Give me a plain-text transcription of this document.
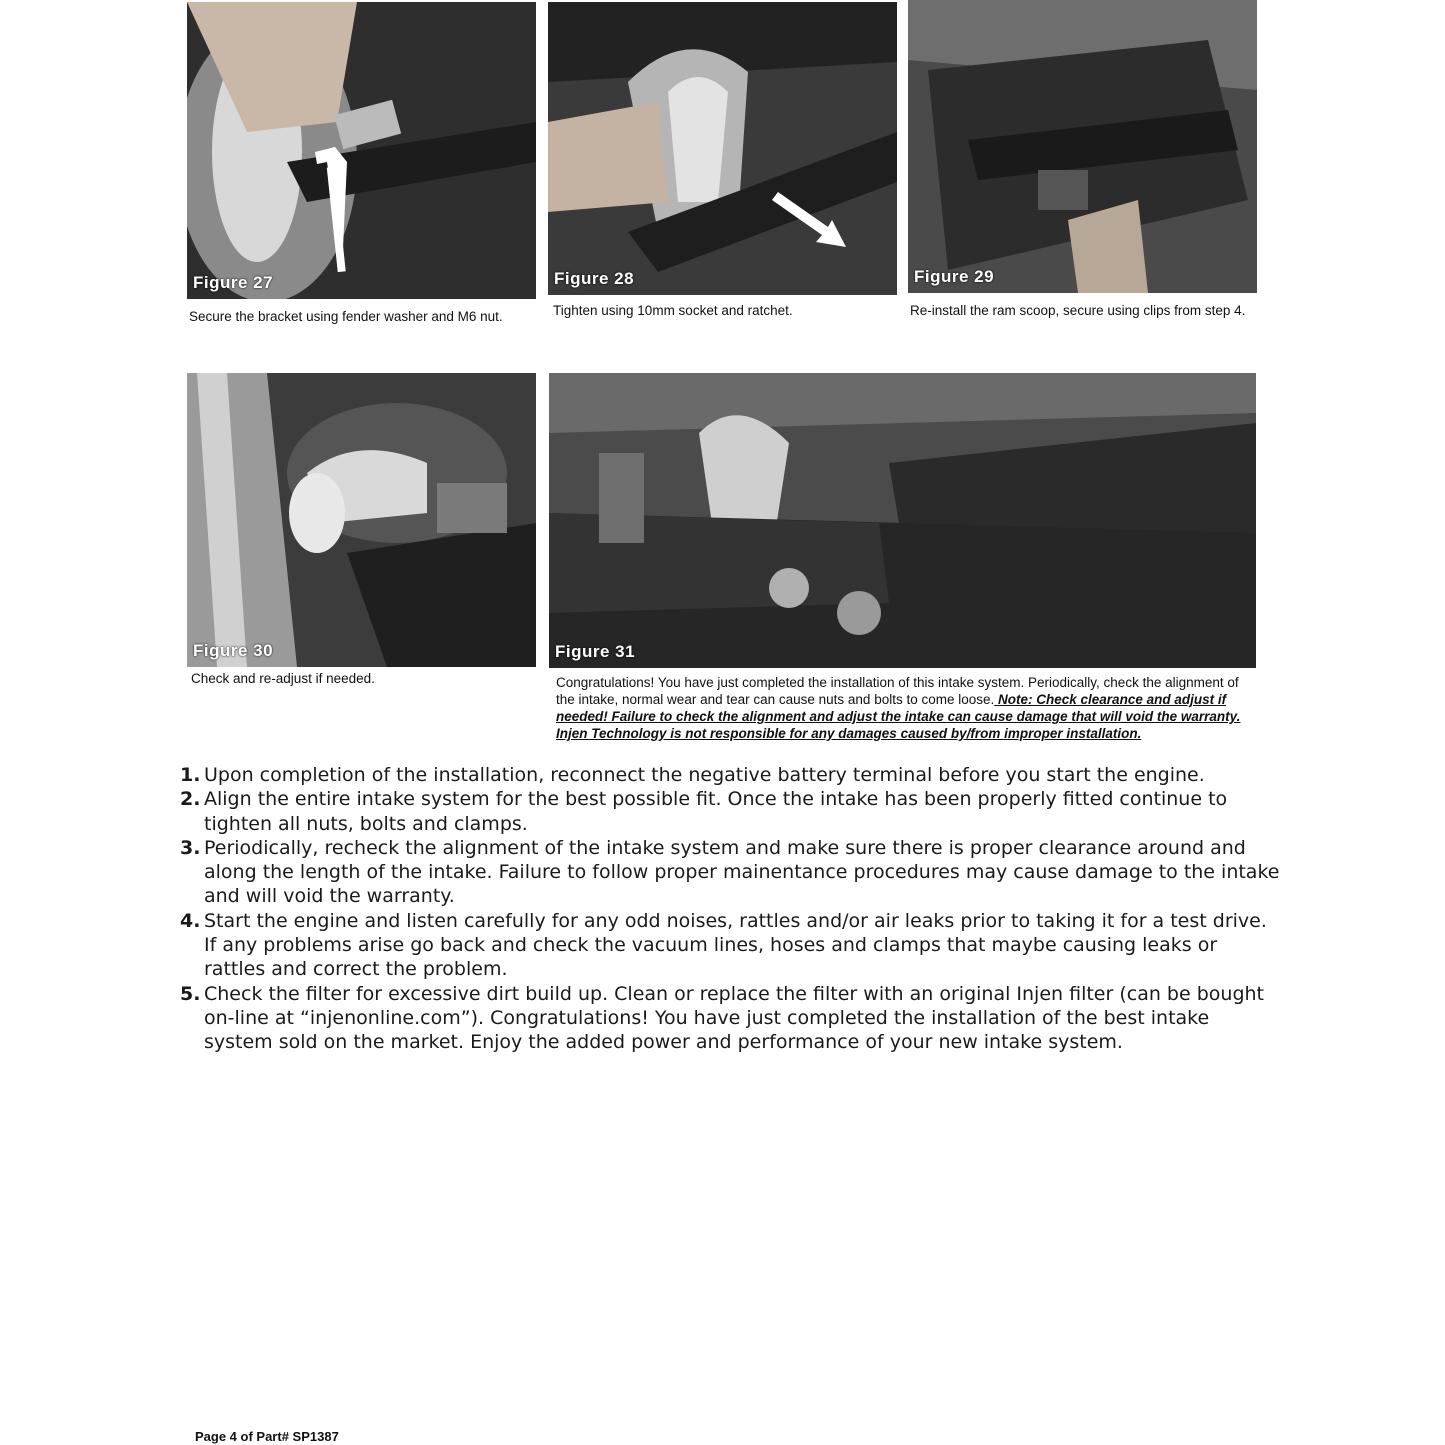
Figure 27
Secure the bracket using fender washer and M6 nut.
Figure 28
Tighten using 10mm socket and ratchet.
Figure 29
Re-install the ram scoop, secure using clips from step 4.
Figure 30
Check and re-adjust if needed.
Figure 31
Congratulations! You have just completed the installation of this intake system. Periodically, check the alignment of the intake, normal wear and tear can cause nuts and bolts to come loose. Note: Check clearance and adjust if needed! Failure to check the alignment and adjust the intake can cause damage that will void the warranty. Injen Technology is not responsible for any damages caused by/from improper installation.
1. Upon completion of the installation, reconnect the negative battery terminal before you start the engine.
2. Align the entire intake system for the best possible fit. Once the intake has been properly fitted continue to tighten all nuts, bolts and clamps.
3. Periodically, recheck the alignment of the intake system and make sure there is proper clearance around and along the length of the intake. Failure to follow proper mainentance procedures may cause damage to the intake and will void the warranty.
4. Start the engine and listen carefully for any odd noises, rattles and/or air leaks prior to taking it for a test drive. If any problems arise go back and check the vacuum lines, hoses and clamps that maybe causing leaks or rattles and correct the problem.
5. Check the filter for excessive dirt build up. Clean or replace the filter with an original Injen filter (can be bought on-line at “injenonline.com”). Congratulations! You have just completed the installation of the best intake system sold on the market. Enjoy the added power and performance of your new intake system.
Page 4 of Part# SP1387
